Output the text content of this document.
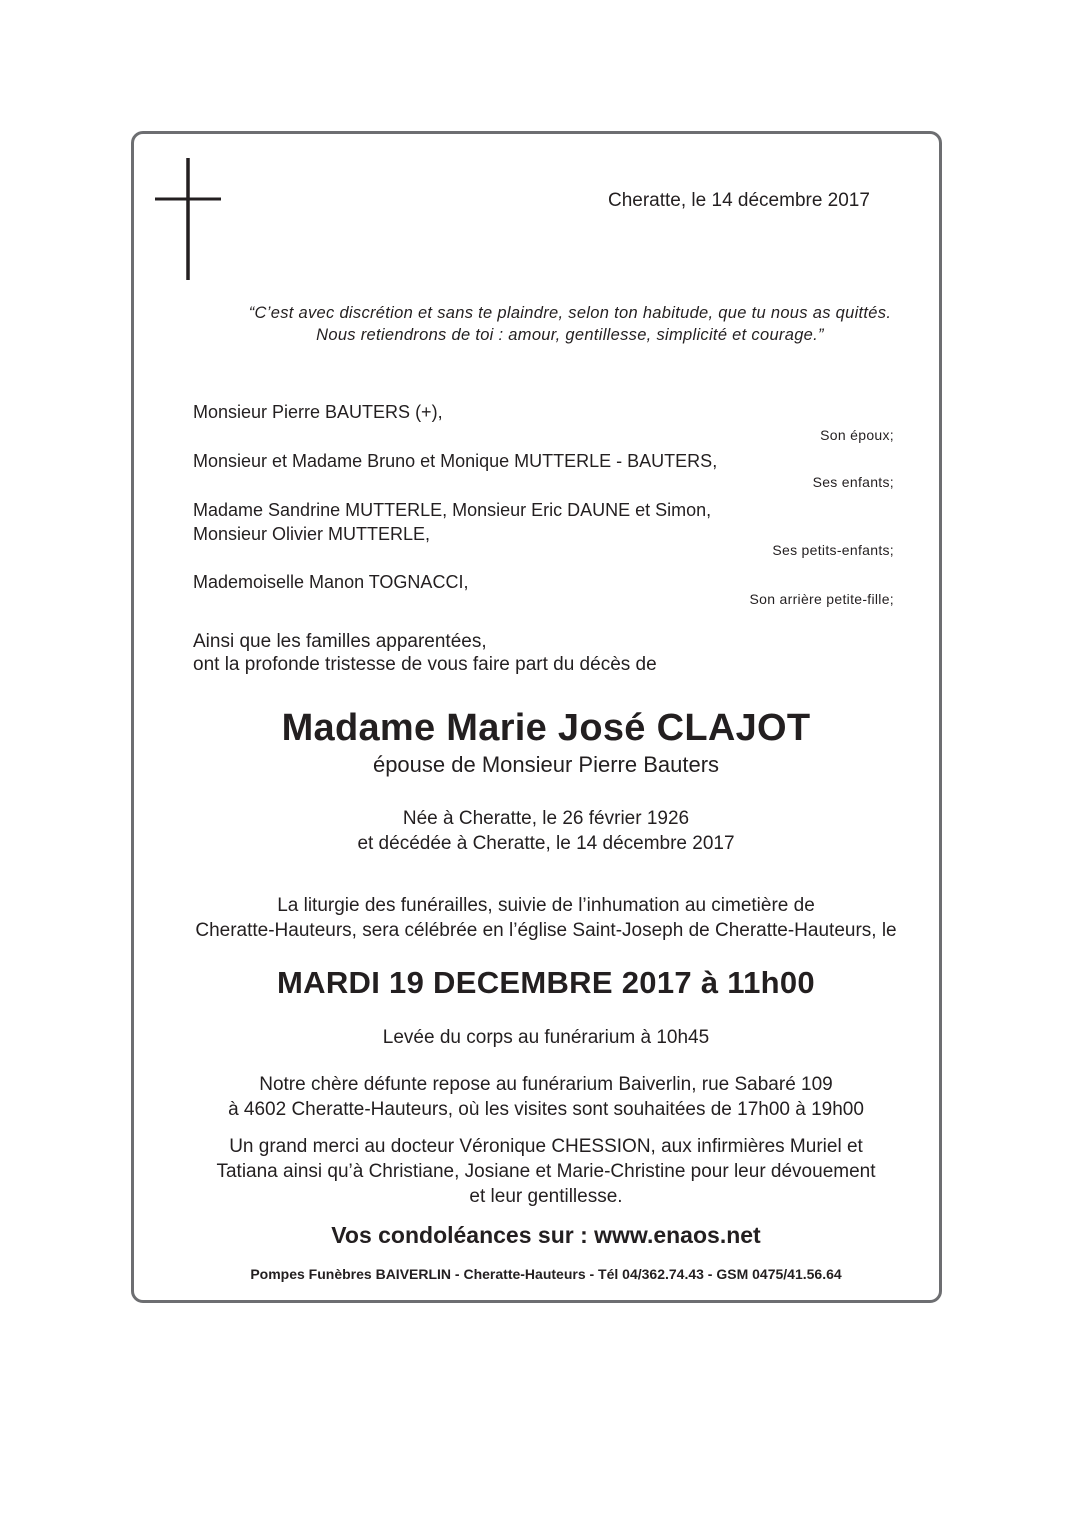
Cheratte, le 14 décembre 2017
“C’est avec discrétion et sans te plaindre, selon ton habitude, que tu nous as quittés.
Nous retiendrons de toi : amour, gentillesse, simplicité et courage.”
Monsieur Pierre BAUTERS (+),
Son époux;
Monsieur et Madame Bruno et Monique MUTTERLE - BAUTERS,
Ses enfants;
Madame Sandrine MUTTERLE, Monsieur Eric DAUNE et Simon,
Monsieur Olivier MUTTERLE,
Ses petits-enfants;
Mademoiselle Manon TOGNACCI,
Son arrière petite-fille;
Ainsi que les familles apparentées,
ont la profonde tristesse de vous faire part du décès de
Madame Marie José CLAJOT
épouse de Monsieur Pierre Bauters
Née à Cheratte, le 26 février 1926
et décédée à Cheratte, le 14 décembre 2017
La liturgie des funérailles, suivie de l’inhumation au cimetière de
Cheratte-Hauteurs, sera célébrée en l’église Saint-Joseph de Cheratte-Hauteurs, le
MARDI 19 DECEMBRE 2017 à 11h00
Levée du corps au funérarium à 10h45
Notre chère défunte repose au funérarium Baiverlin, rue Sabaré 109
à 4602 Cheratte-Hauteurs, où les visites sont souhaitées de 17h00 à 19h00
Un grand merci au docteur Véronique CHESSION, aux infirmières Muriel et
Tatiana ainsi qu’à Christiane, Josiane et Marie-Christine pour leur dévouement
et leur gentillesse.
Vos condoléances sur : www.enaos.net
Pompes Funèbres BAIVERLIN - Cheratte-Hauteurs - Tél 04/362.74.43 - GSM 0475/41.56.64
